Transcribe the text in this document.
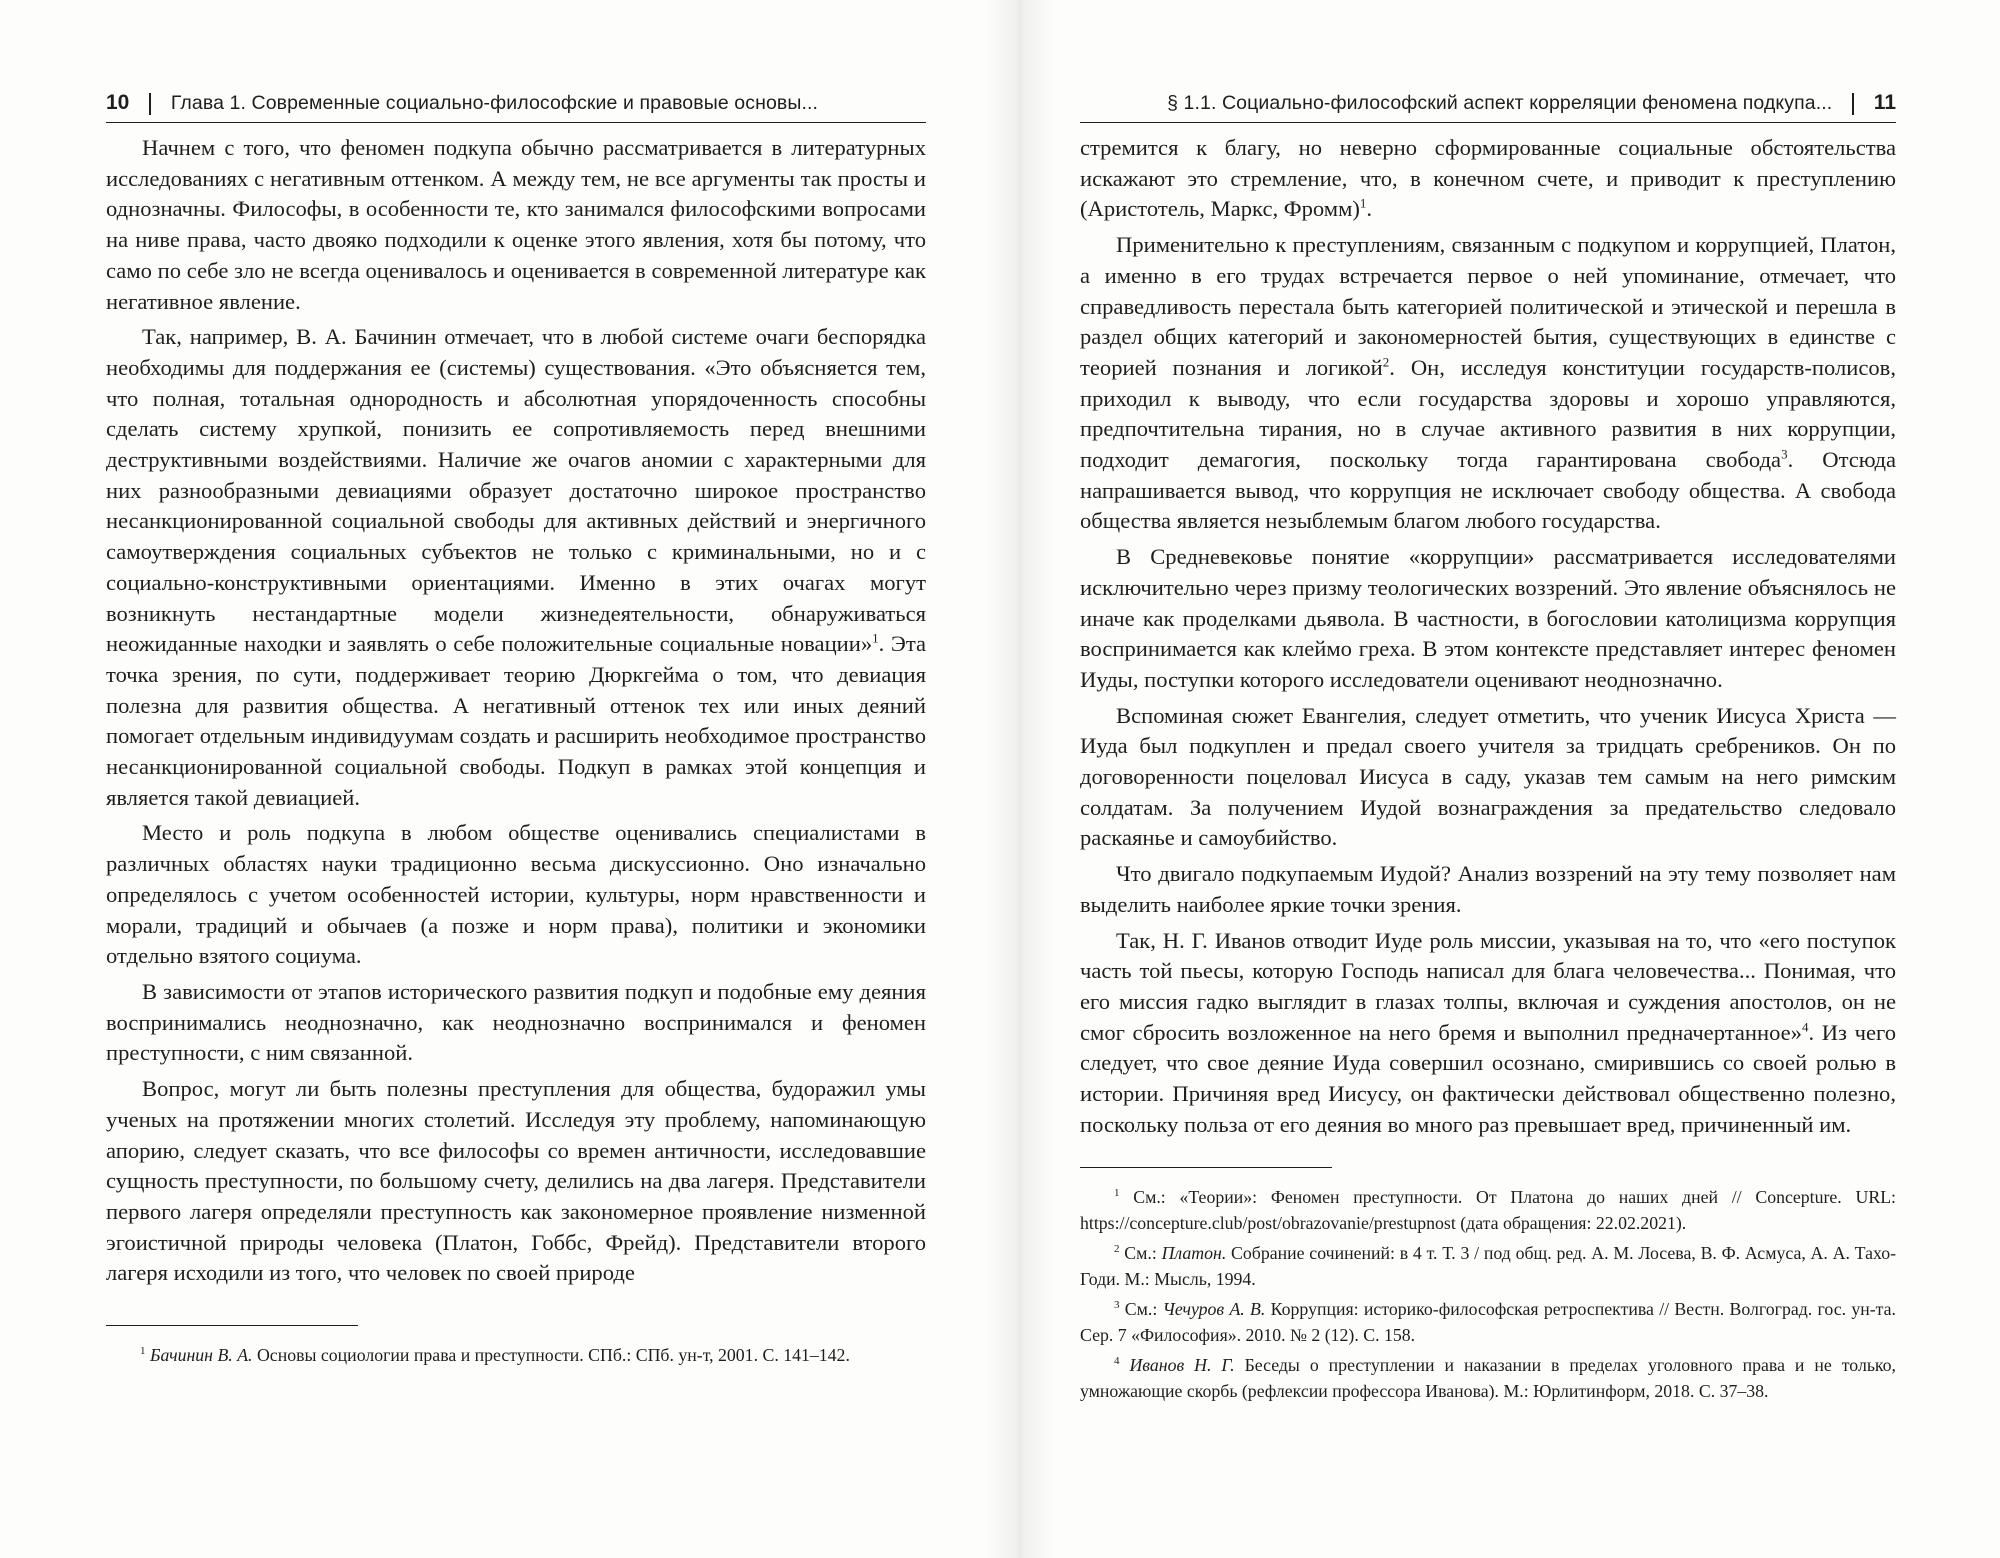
10 Глава 1. Современные социально-философские и правовые основы...

Начнем с того, что феномен подкупа обычно рассматривается в литературных исследованиях с негативным оттенком. А между тем, не все аргументы так просты и однозначны. Философы, в особенности те, кто занимался философскими вопросами на ниве права, часто двояко подходили к оценке этого явления, хотя бы потому, что само по себе зло не всегда оценивалось и оценивается в современной литературе как негативное явление.

Так, например, В. А. Бачинин отмечает, что в любой системе очаги беспорядка необходимы для поддержания ее (системы) существования. «Это объясняется тем, что полная, тотальная однородность и абсолютная упорядоченность способны сделать систему хрупкой, понизить ее сопротивляемость перед внешними деструктивными воздействиями. Наличие же очагов аномии с характерными для них разнообразными девиациями образует достаточно широкое пространство несанкционированной социальной свободы для активных действий и энергичного самоутверждения социальных субъектов не только с криминальными, но и с социально-конструктивными ориентациями. Именно в этих очагах могут возникнуть нестандартные модели жизнедеятельности, обнаруживаться неожиданные находки и заявлять о себе положительные социальные новации»$^1$. Эта точка зрения, по сути, поддерживает теорию Дюркгейма о том, что девиация полезна для развития общества. А негативный оттенок тех или иных деяний помогает отдельным индивидуумам создать и расширить необходимое пространство несанкционированной социальной свободы. Подкуп в рамках этой концепция и является такой девиацией.

Место и роль подкупа в любом обществе оценивались специалистами в различных областях науки традиционно весьма дискуссионно. Оно изначально определялось с учетом особенностей истории, культуры, норм нравственности и морали, традиций и обычаев (а позже и норм права), политики и экономики отдельно взятого социума.

В зависимости от этапов исторического развития подкуп и подобные ему деяния воспринимались неоднозначно, как неоднозначно воспринимался и феномен преступности, с ним связанной.

Вопрос, могут ли быть полезны преступления для общества, будоражил умы ученых на протяжении многих столетий. Исследуя эту проблему, напоминающую апорию, следует сказать, что все философы со времен античности, исследовавшие сущность преступности, по большому счету, делились на два лагеря. Представители первого лагеря определяли преступность как закономерное проявление низменной эгоистичной природы человека (Платон, Гоббс, Фрейд). Представители второго лагеря исходили из того, что человек по своей природе

$^1$ Бачинин В. А. Основы социологии права и преступности. СПб.: СПб. ун-т, 2001. С. 141–142.

§ 1.1. Социально-философский аспект корреляции феномена подкупа... 11

стремится к благу, но неверно сформированные социальные обстоятельства искажают это стремление, что, в конечном счете, и приводит к преступлению (Аристотель, Маркс, Фромм)$^1$.

Применительно к преступлениям, связанным с подкупом и коррупцией, Платон, а именно в его трудах встречается первое о ней упоминание, отмечает, что справедливость перестала быть категорией политической и этической и перешла в раздел общих категорий и закономерностей бытия, существующих в единстве с теорией познания и логикой$^2$. Он, исследуя конституции государств-полисов, приходил к выводу, что если государства здоровы и хорошо управляются, предпочтительна тирания, но в случае активного развития в них коррупции, подходит демагогия, поскольку тогда гарантирована свобода$^3$. Отсюда напрашивается вывод, что коррупция не исключает свободу общества. А свобода общества является незыблемым благом любого государства.

В Средневековье понятие «коррупции» рассматривается исследователями исключительно через призму теологических воззрений. Это явление объяснялось не иначе как проделками дьявола. В частности, в богословии католицизма коррупция воспринимается как клеймо греха. В этом контексте представляет интерес феномен Иуды, поступки которого исследователи оценивают неоднозначно.

Вспоминая сюжет Евангелия, следует отметить, что ученик Иисуса Христа — Иуда был подкуплен и предал своего учителя за тридцать сребреников. Он по договоренности поцеловал Иисуса в саду, указав тем самым на него римским солдатам. За получением Иудой вознаграждения за предательство следовало раскаянье и самоубийство.

Что двигало подкупаемым Иудой? Анализ воззрений на эту тему позволяет нам выделить наиболее яркие точки зрения.

Так, Н. Г. Иванов отводит Иуде роль миссии, указывая на то, что «его поступок часть той пьесы, которую Господь написал для блага человечества... Понимая, что его миссия гадко выглядит в глазах толпы, включая и суждения апостолов, он не смог сбросить возложенное на него бремя и выполнил предначертанное»$^4$. Из чего следует, что свое деяние Иуда совершил осознано, смирившись со своей ролью в истории. Причиняя вред Иисусу, он фактически действовал общественно полезно, поскольку польза от его деяния во много раз превышает вред, причиненный им.

$^1$ См.: «Теории»: Феномен преступности. От Платона до наших дней // Concepture. URL: https://concepture.club/post/obrazovanie/prestupnost (дата обращения: 22.02.2021).

$^2$ См.: Платон. Собрание сочинений: в 4 т. Т. 3 / под общ. ред. А. М. Лосева, В. Ф. Асмуса, А. А. Тахо-Годи. М.: Мысль, 1994.

$^3$ См.: Чечуров А. В. Коррупция: историко-философская ретроспектива // Вестн. Волгоград. гос. ун-та. Сер. 7 «Философия». 2010. № 2 (12). С. 158.

$^4$ Иванов Н. Г. Беседы о преступлении и наказании в пределах уголовного права и не только, умножающие скорбь (рефлексии профессора Иванова). М.: Юрлитинформ, 2018. С. 37–38.
